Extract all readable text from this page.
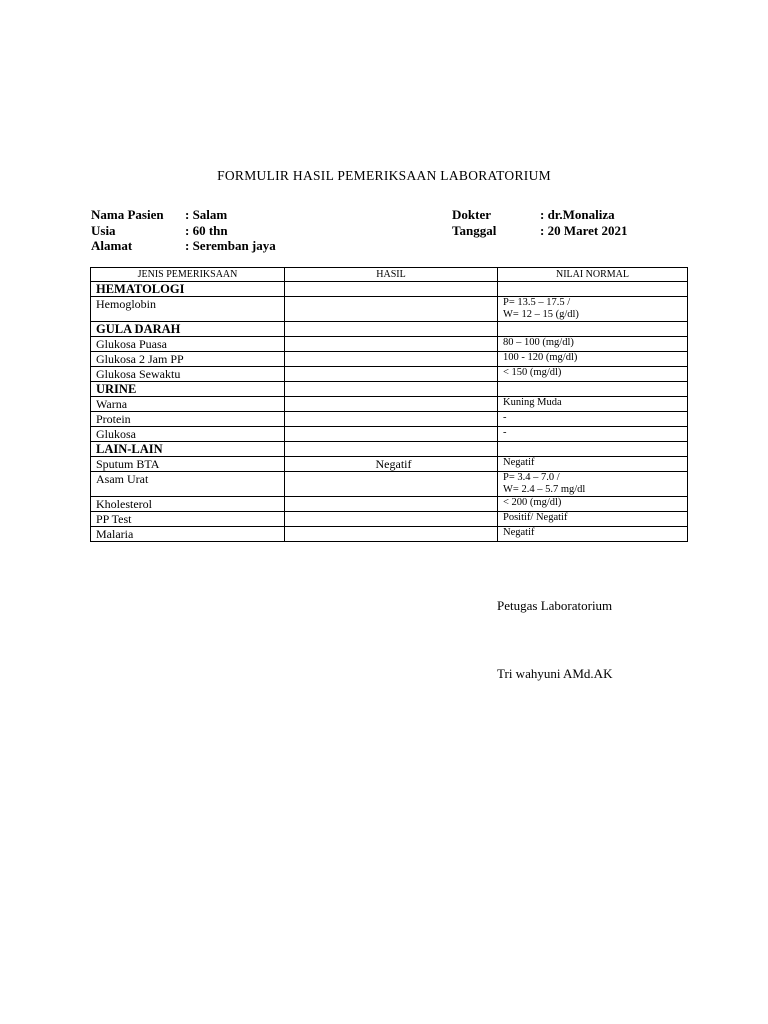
FORMULIR HASIL PEMERIKSAAN LABORATORIUM
Nama Pasien	: Salam
Usia	: 60 thn
Alamat	: Seremban jaya
Dokter	: dr.Monaliza
Tanggal	: 20 Maret 2021
JENIS PEMERIKSAAN	HASIL	NILAI NORMAL
HEMATOLOGI		
Hemoglobin		P= 13.5 – 17.5 /
W= 12 – 15 (g/dl)

GULA DARAH		
Glukosa Puasa		80 – 100 (mg/dl)

Glukosa 2 Jam PP		100 - 120 (mg/dl)

Glukosa Sewaktu		< 150 (mg/dl)

URINE		
Warna		Kuning Muda

Protein		-

Glukosa		-

LAIN-LAIN		
Sputum BTA	Negatif	Negatif

Asam Urat		P= 3.4 – 7.0 /
W= 2.4 – 5.7 mg/dl

Kholesterol		< 200 (mg/dl)

PP Test		Positif/ Negatif

Malaria		Negatif
Petugas Laboratorium
Tri wahyuni AMd.AK
